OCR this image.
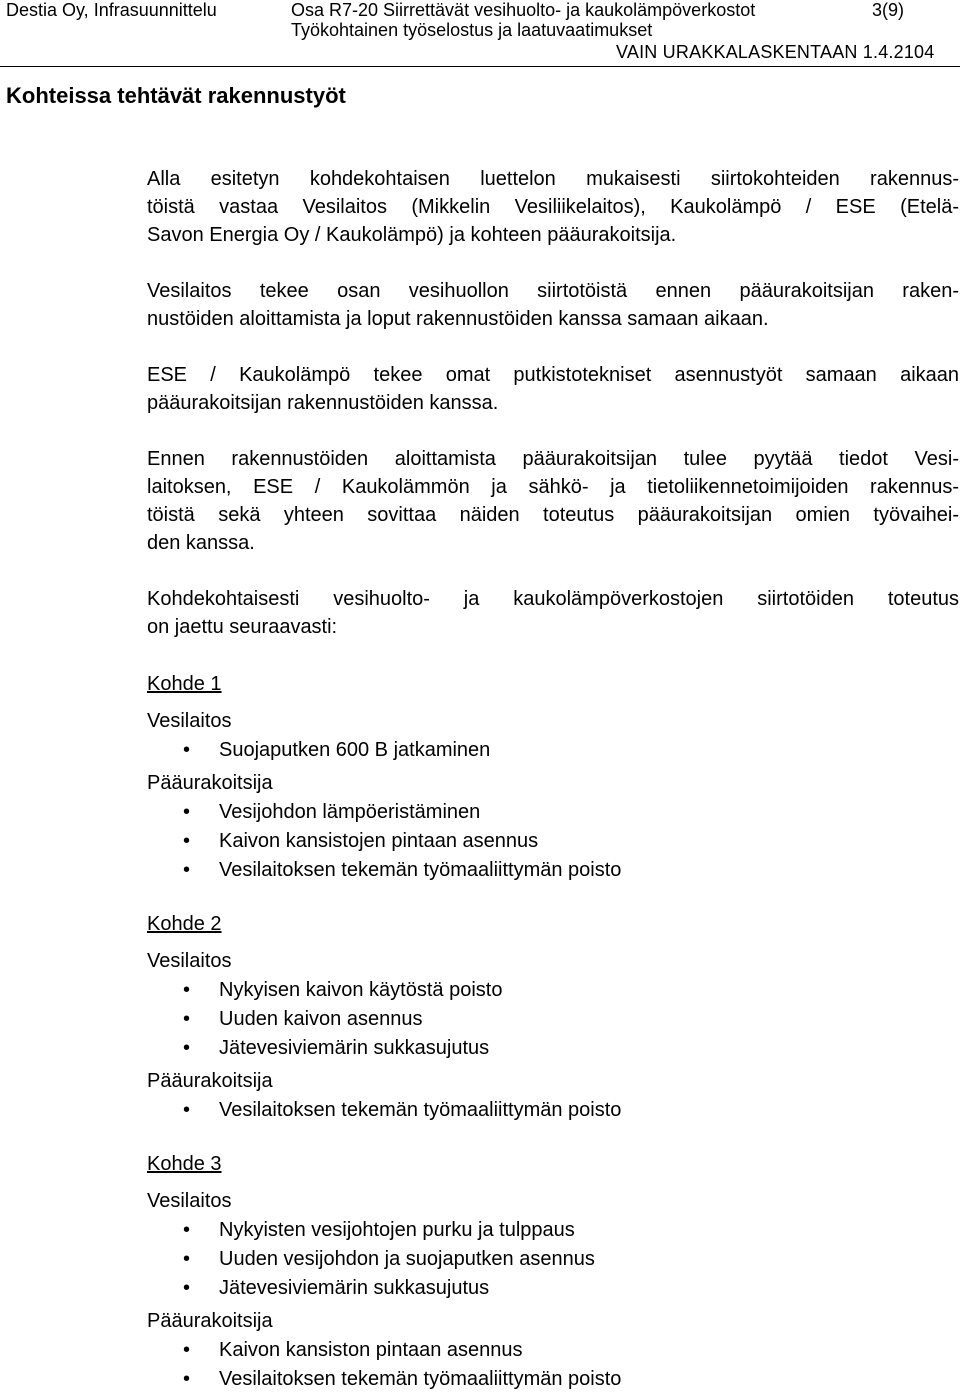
Destia Oy, Infrasuunnittelu	Osa R7-20 Siirrettävät vesihuolto- ja kaukolämpöverkostot
Työkohtainen työselostus ja laatuvaatimukset
VAIN URAKKALASKENTAAN 1.4.2104
3(9)
Kohteissa tehtävät rakennustyöt
Alla esitetyn kohdekohtaisen luettelon mukaisesti siirtokohteiden rakennus-
töistä vastaa Vesilaitos (Mikkelin Vesiliikelaitos), Kaukolämpö / ESE (Etelä-
Savon Energia Oy / Kaukolämpö) ja kohteen pääurakoitsija.
Vesilaitos tekee osan vesihuollon siirtotöistä ennen pääurakoitsijan raken-
nustöiden aloittamista ja loput rakennustöiden kanssa samaan aikaan.
ESE / Kaukolämpö tekee omat putkistotekniset asennustyöt samaan aikaan
pääurakoitsijan rakennustöiden kanssa.
Ennen rakennustöiden aloittamista pääurakoitsijan tulee pyytää tiedot Vesi-
laitoksen, ESE / Kaukolämmön ja sähkö- ja tietoliikennetoimijoiden rakennus-
töistä sekä yhteen sovittaa näiden toteutus pääurakoitsijan omien työvaihei-
den kanssa.
Kohdekohtaisesti vesihuolto- ja kaukolämpöverkostojen siirtotöiden toteutus
on jaettu seuraavasti:
Kohde 1
Vesilaitos
• Suojaputken 600 B jatkaminen
Pääurakoitsija
• Vesijohdon lämpöeristäminen
• Kaivon kansistojen pintaan asennus
• Vesilaitoksen tekemän työmaaliittymän poisto
Kohde 2
Vesilaitos
• Nykyisen kaivon käytöstä poisto
• Uuden kaivon asennus
• Jätevesiviemärin sukkasujutus
Pääurakoitsija
• Vesilaitoksen tekemän työmaaliittymän poisto
Kohde 3
Vesilaitos
• Nykyisten vesijohtojen purku ja tulppaus
• Uuden vesijohdon ja suojaputken asennus
• Jätevesiviemärin sukkasujutus
Pääurakoitsija
• Kaivon kansiston pintaan asennus
• Vesilaitoksen tekemän työmaaliittymän poisto
